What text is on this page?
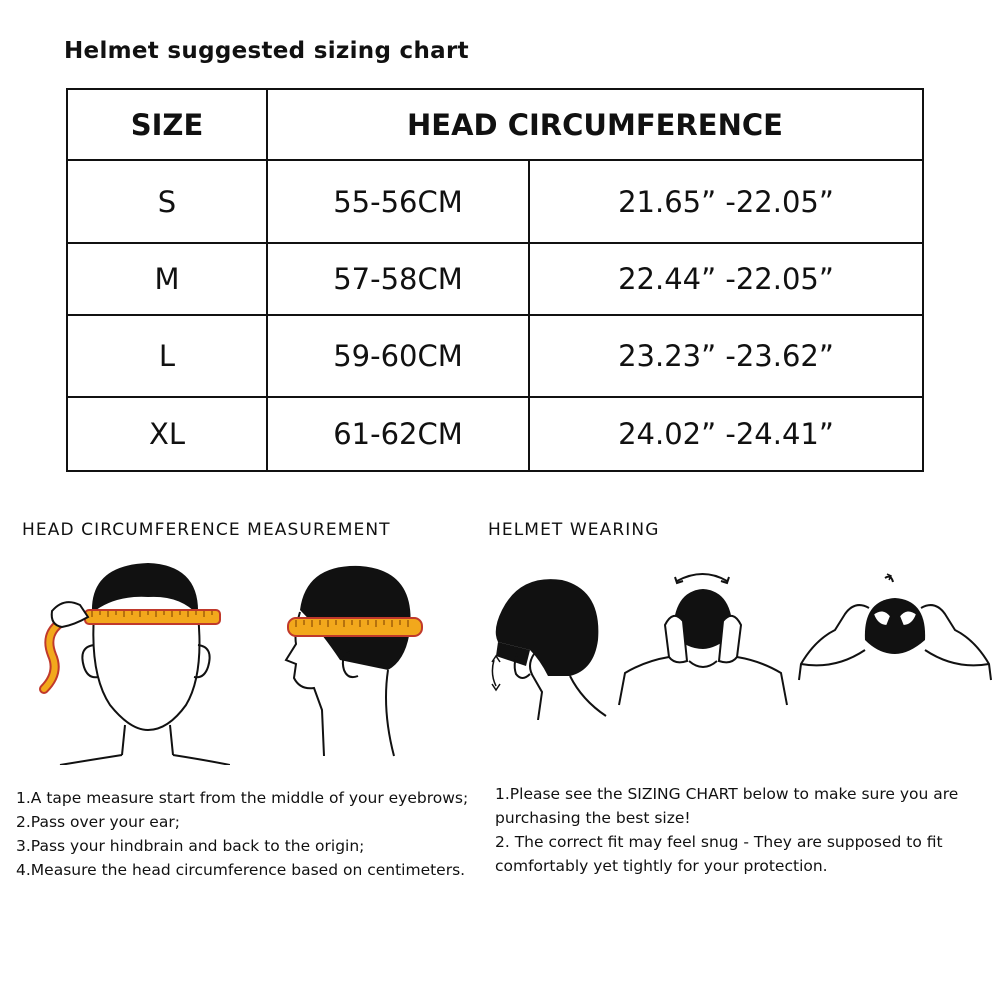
Helmet suggested sizing chart
SIZE	HEAD CIRCUMFERENCE	
S	55-56CM	21.65” -22.05”
M	57-58CM	22.44” -22.05”
L	59-60CM	23.23” -23.62”
XL	61-62CM	24.02” -24.41”
HEAD CIRCUMFERENCE MEASUREMENT	HELMET WEARING
1.A tape measure start from the middle of your eyebrows;
2.Pass over your ear;
3.Pass your hindbrain and back to the origin;
4.Measure the head circumference based on centimeters.
1.Please see the SIZING CHART below to make sure you are
purchasing the best size!
2. The correct fit may feel snug - They are supposed to fit
comfortably yet tightly for your protection.
